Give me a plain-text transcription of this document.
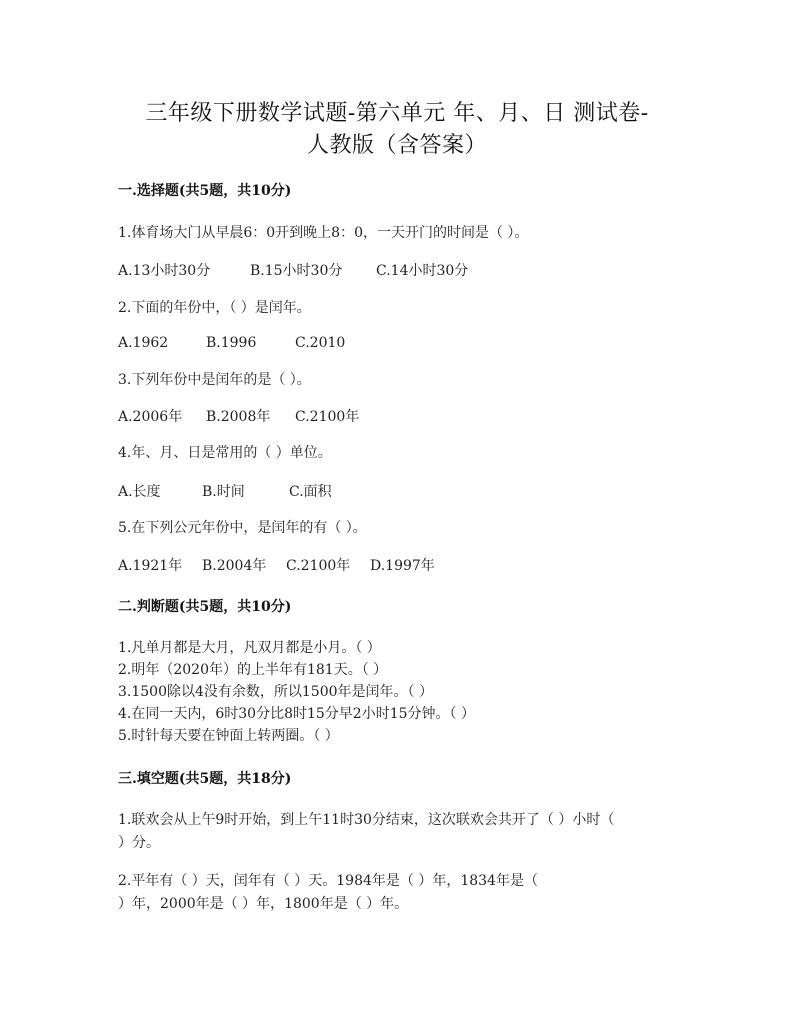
三年级下册数学试题-第六单元 年、月、日 测试卷-
人教版（含答案）
一.选择题(共5题，共10分)
1.体育场大门从早晨6：0开到晚上8：0，一天开门的时间是（ ）。
A.13小时30分	B.15小时30分 C.14小时30分
2.下面的年份中，（ ）是闰年。
A.1962	B.1996	C.2010
3.下列年份中是闰年的是（ ）。
A.2006年 B.2008年 C.2100年
4.年、月、日是常用的（ ）单位。
A.长度	B.时间	C.面积
5.在下列公元年份中，是闰年的有（ ）。
A.1921年 B.2004年 C.2100年 D.1997年
二.判断题(共5题，共10分)
1.凡单月都是大月，凡双月都是小月。（ ）
2.明年（2020年）的上半年有181天。（ ）
3.1500除以4没有余数，所以1500年是闰年。（ ）
4.在同一天内，6时30分比8时15分早2小时15分钟。（ ）
5.时针每天要在钟面上转两圈。（ ）
三.填空题(共5题，共18分)
1.联欢会从上午9时开始，到上午11时30分结束，这次联欢会共开了（ ）小时（
）分。
2.平年有（ ）天，闰年有（ ）天。1984年是（ ）年，1834年是（
）年，2000年是（ ）年，1800年是（ ）年。
